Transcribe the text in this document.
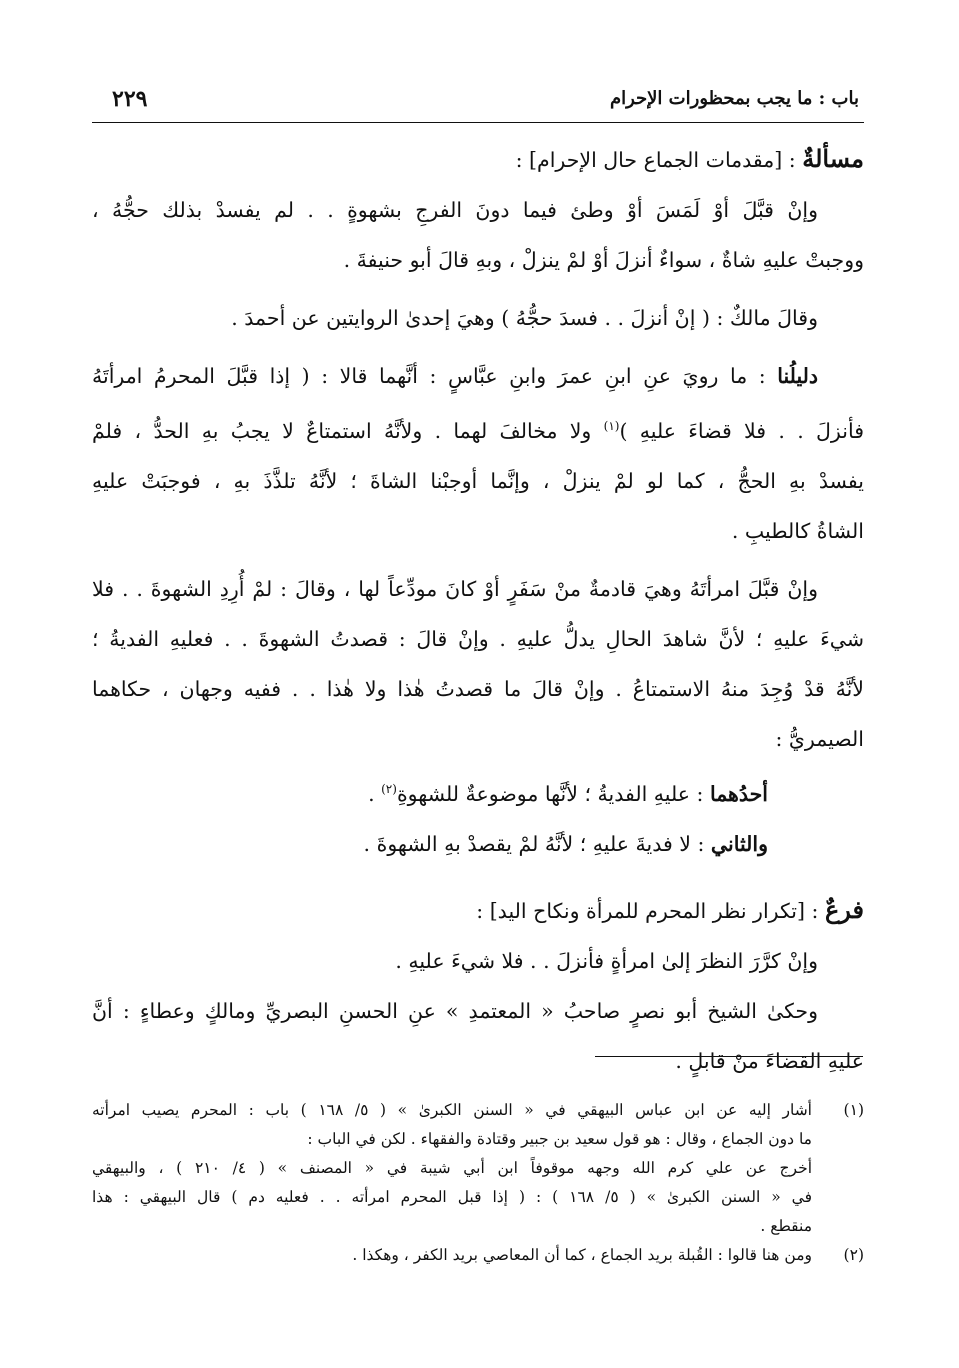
باب : ما يجب بمحظورات الإحرام
٢٢٩
مسألةٌ : [مقدمات الجماع حال الإحرام] :
وإنْ قبَّلَ أوْ لَمَسَ أوْ وطئ فيما دونَ الفرجِ بشهوةٍ . . لم يفسدْ بذلك حجُّهُ ،
ووجبتْ عليهِ شاةٌ ، سواءٌ أنزلَ أوْ لمْ ينزلْ ، وبهِ قالَ أبو حنيفةَ .
وقالَ مالكٌ : ( إنْ أنزلَ . . فسدَ حجُّهُ ) وهيَ إحدىٰ الروايتين عن أحمدَ .
دليلُنا : ما رويَ عنِ ابنِ عمرَ وابنِ عبَّاسٍ : أنَّهما قالا : ( إذا قبَّلَ المحرمُ امرأتَهُ
فأنزلَ . . فلا قضاءَ عليهِ )$^{(١)}$ ولا مخالفَ لهما . ولأنَّهُ استمتاعٌ لا يجبُ بهِ الحدُّ ، فلمْ
يفسدْ بهِ الحجُّ ، كما لو لمْ ينزلْ ، وإنَّما أوجبْنا الشاةَ ؛ لأنَّهُ تلذَّذَ بهِ ، فوجبَتْ عليهِ
الشاةُ كالطيبِ .
وإنْ قبَّلَ امرأتَهُ وهيَ قادمةٌ منْ سَفَرٍ أوْ كانَ مودِّعاً لها ، وقالَ : لمْ أُرِدِ الشهوةَ . . فلا
شيءَ عليهِ ؛ لأنَّ شاهدَ الحالِ يدلُّ عليهِ . وإنْ قالَ : قصدتُ الشهوةَ . . فعليهِ الفديةُ ؛
لأنَّهُ قدْ وُجِدَ منهُ الاستمتاعُ . وإنْ قالَ ما قصدتُ هٰذا ولا هٰذا . . ففيه وجهان ، حكاهما
الصيمريُّ :
أحدُهما : عليهِ الفديةُ ؛ لأنَّها موضوعةٌ للشهوةِ$^{(٢)}$ .
والثاني : لا فديةَ عليهِ ؛ لأنَّهُ لمْ يقصدْ بهِ الشهوةَ .
فرعٌ : [تكرار نظر المحرم للمرأة ونكاح اليد] :
وإنْ كرَّرَ النظرَ إلىٰ امرأةٍ فأنزلَ . . فلا شيءَ عليهِ .
وحكىٰ الشيخ أبو نصرٍ صاحبُ « المعتمدِ » عنِ الحسنِ البصريِّ ومالكٍ وعطاءٍ : أنَّ
عليهِ القضاءَ منْ قابلٍ .
(١)
أشار إليه عن ابن عباس البيهقي في « السنن الكبرىٰ » ( ٥/ ١٦٨ ) باب : المحرم يصيب امرأته
ما دون الجماع ، وقال : هو قول سعيد بن جبير وقتادة والفقهاء . لكن في الباب :
أخرج عن علي كرم الله وجهه موقوفاً ابن أبي شيبة في « المصنف » ( ٤/ ٢١٠ ) ، والبيهقي
في « السنن الكبرىٰ » ( ٥/ ١٦٨ ) : ( إذا قبل المحرم امرأته . . فعليه دم ) قال البيهقي : هذا
منقطع .
(٢)
ومن هنا قالوا : القُبلة بريد الجماع ، كما أن المعاصي بريد الكفر ، وهكذا .
